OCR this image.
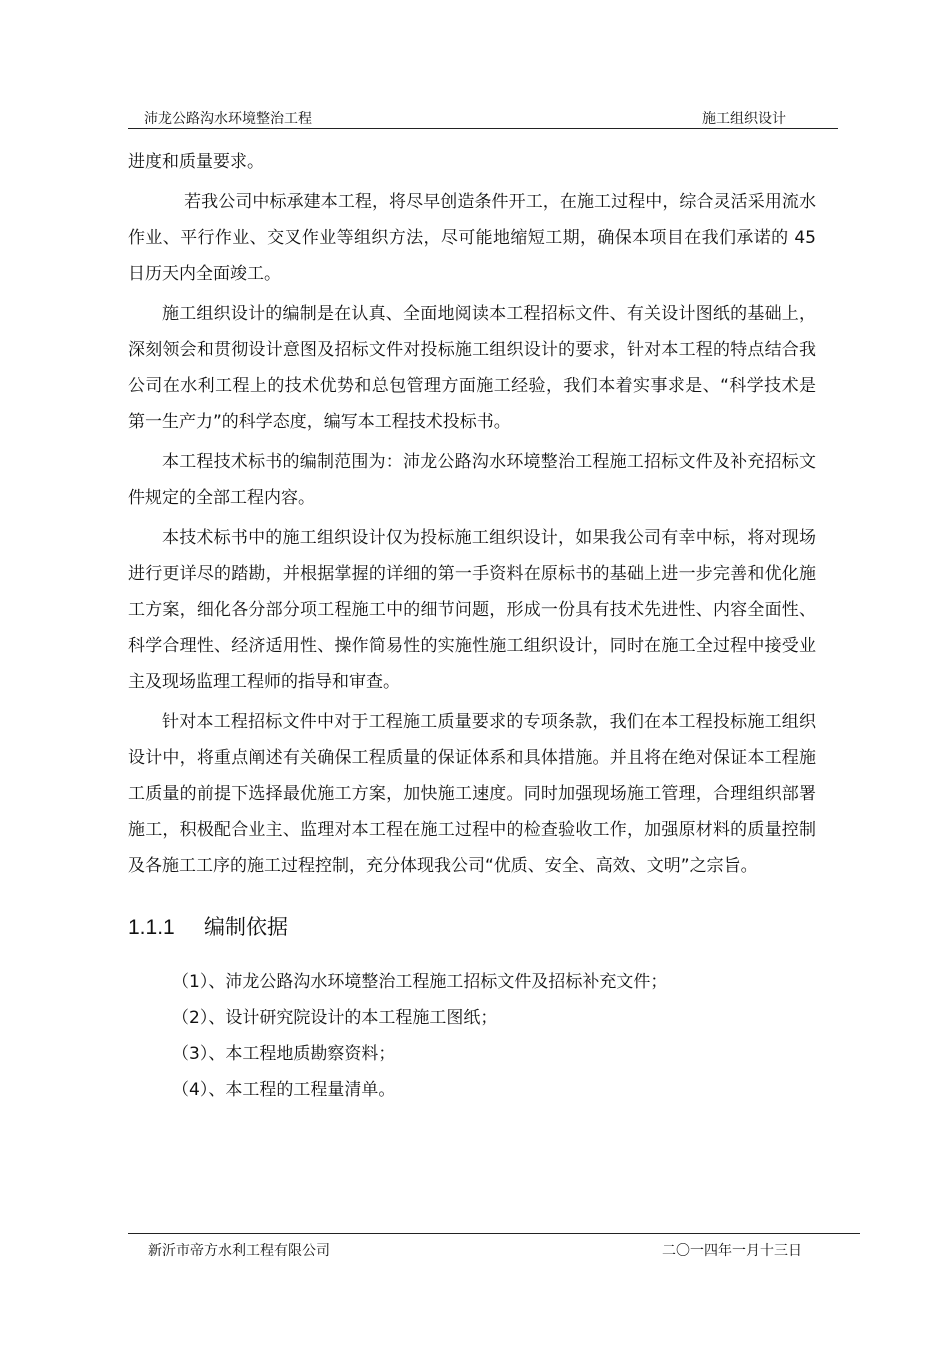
沛龙公路沟水环境整治工程	施工组织设计

进度和质量要求。

若我公司中标承建本工程，将尽早创造条件开工，在施工过程中，综合灵活采用流水作业、平行作业、交叉作业等组织方法，尽可能地缩短工期，确保本项目在我们承诺的 45 日历天内全面竣工。

施工组织设计的编制是在认真、全面地阅读本工程招标文件、有关设计图纸的基础上，深刻领会和贯彻设计意图及招标文件对投标施工组织设计的要求，针对本工程的特点结合我公司在水利工程上的技术优势和总包管理方面施工经验，我们本着实事求是、“科学技术是第一生产力”的科学态度，编写本工程技术投标书。

本工程技术标书的编制范围为：沛龙公路沟水环境整治工程施工招标文件及补充招标文件规定的全部工程内容。

本技术标书中的施工组织设计仅为投标施工组织设计，如果我公司有幸中标，将对现场进行更详尽的踏勘，并根据掌握的详细的第一手资料在原标书的基础上进一步完善和优化施工方案，细化各分部分项工程施工中的细节问题，形成一份具有技术先进性、内容全面性、科学合理性、经济适用性、操作简易性的实施性施工组织设计，同时在施工全过程中接受业主及现场监理工程师的指导和审查。

针对本工程招标文件中对于工程施工质量要求的专项条款，我们在本工程投标施工组织设计中，将重点阐述有关确保工程质量的保证体系和具体措施。并且将在绝对保证本工程施工质量的前提下选择最优施工方案，加快施工速度。同时加强现场施工管理，合理组织部署施工，积极配合业主、监理对本工程在施工过程中的检查验收工作，加强原材料的质量控制及各施工工序的施工过程控制，充分体现我公司“优质、安全、高效、文明”之宗旨。

1.1.1 编制依据
（1）、沛龙公路沟水环境整治工程施工招标文件及招标补充文件；
（2）、设计研究院设计的本工程施工图纸；
（3）、本工程地质勘察资料；
（4）、本工程的工程量清单。
新沂市帝方水利工程有限公司	二〇一四年一月十三日
